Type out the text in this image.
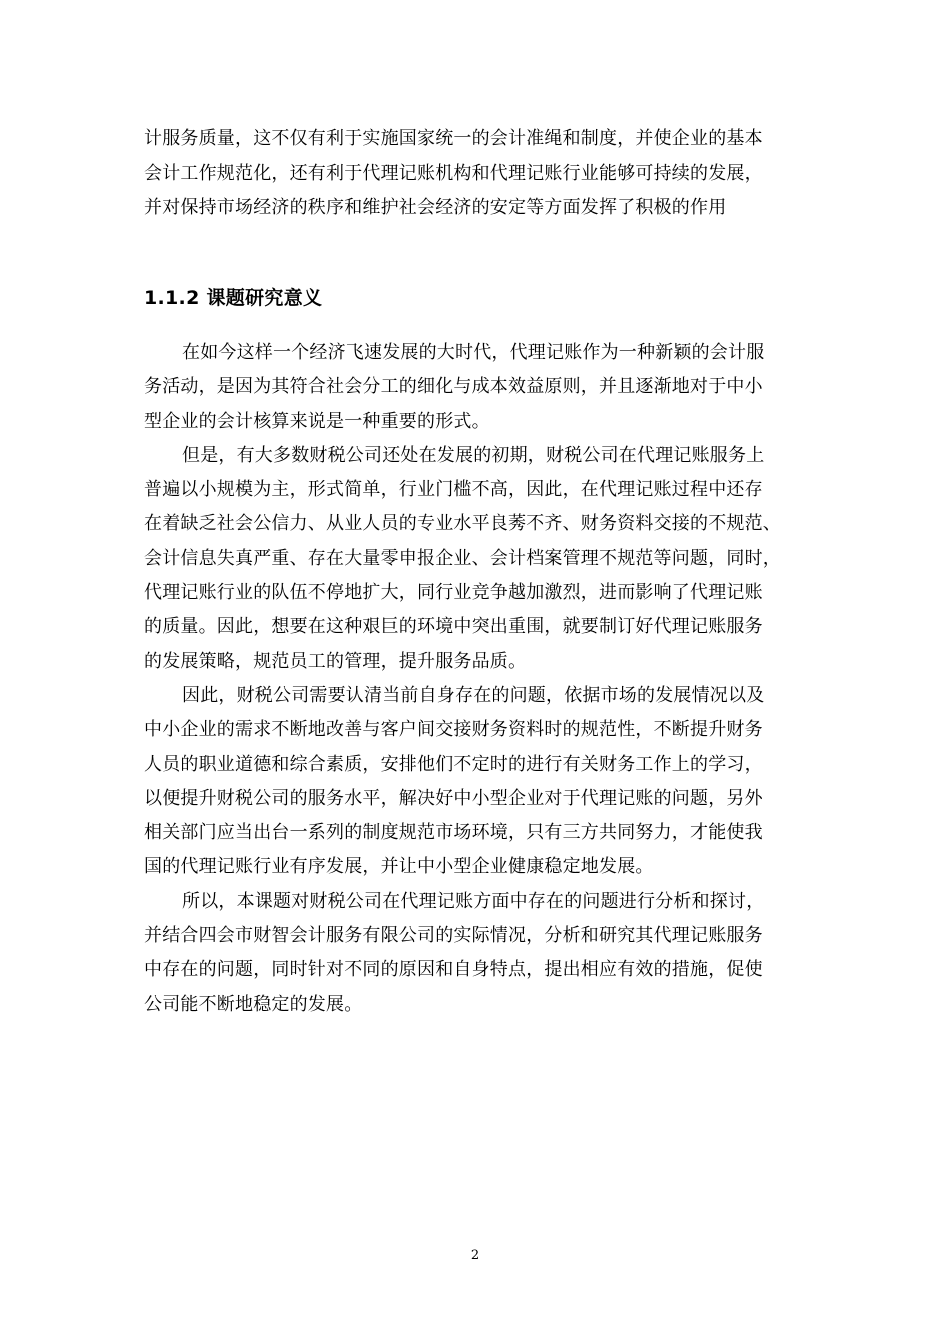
计服务质量，这不仅有利于实施国家统一的会计准绳和制度，并使企业的基本
会计工作规范化，还有利于代理记账机构和代理记账行业能够可持续的发展，
并对保持市场经济的秩序和维护社会经济的安定等方面发挥了积极的作用
1.1.2 课题研究意义

在如今这样一个经济飞速发展的大时代，代理记账作为一种新颖的会计服
务活动，是因为其符合社会分工的细化与成本效益原则，并且逐渐地对于中小
型企业的会计核算来说是一种重要的形式。

但是，有大多数财税公司还处在发展的初期，财税公司在代理记账服务上
普遍以小规模为主，形式简单，行业门槛不高，因此，在代理记账过程中还存
在着缺乏社会公信力、从业人员的专业水平良莠不齐、财务资料交接的不规范、
会计信息失真严重、存在大量零申报企业、会计档案管理不规范等问题，同时，
代理记账行业的队伍不停地扩大，同行业竞争越加激烈，进而影响了代理记账
的质量。因此，想要在这种艰巨的环境中突出重围，就要制订好代理记账服务
的发展策略，规范员工的管理，提升服务品质。

因此，财税公司需要认清当前自身存在的问题，依据市场的发展情况以及
中小企业的需求不断地改善与客户间交接财务资料时的规范性，不断提升财务
人员的职业道德和综合素质，安排他们不定时的进行有关财务工作上的学习，
以便提升财税公司的服务水平，解决好中小型企业对于代理记账的问题，另外
相关部门应当出台一系列的制度规范市场环境，只有三方共同努力，才能使我
国的代理记账行业有序发展，并让中小型企业健康稳定地发展。

所以，本课题对财税公司在代理记账方面中存在的问题进行分析和探讨，
并结合四会市财智会计服务有限公司的实际情况，分析和研究其代理记账服务
中存在的问题，同时针对不同的原因和自身特点，提出相应有效的措施，促使
公司能不断地稳定的发展。

2
